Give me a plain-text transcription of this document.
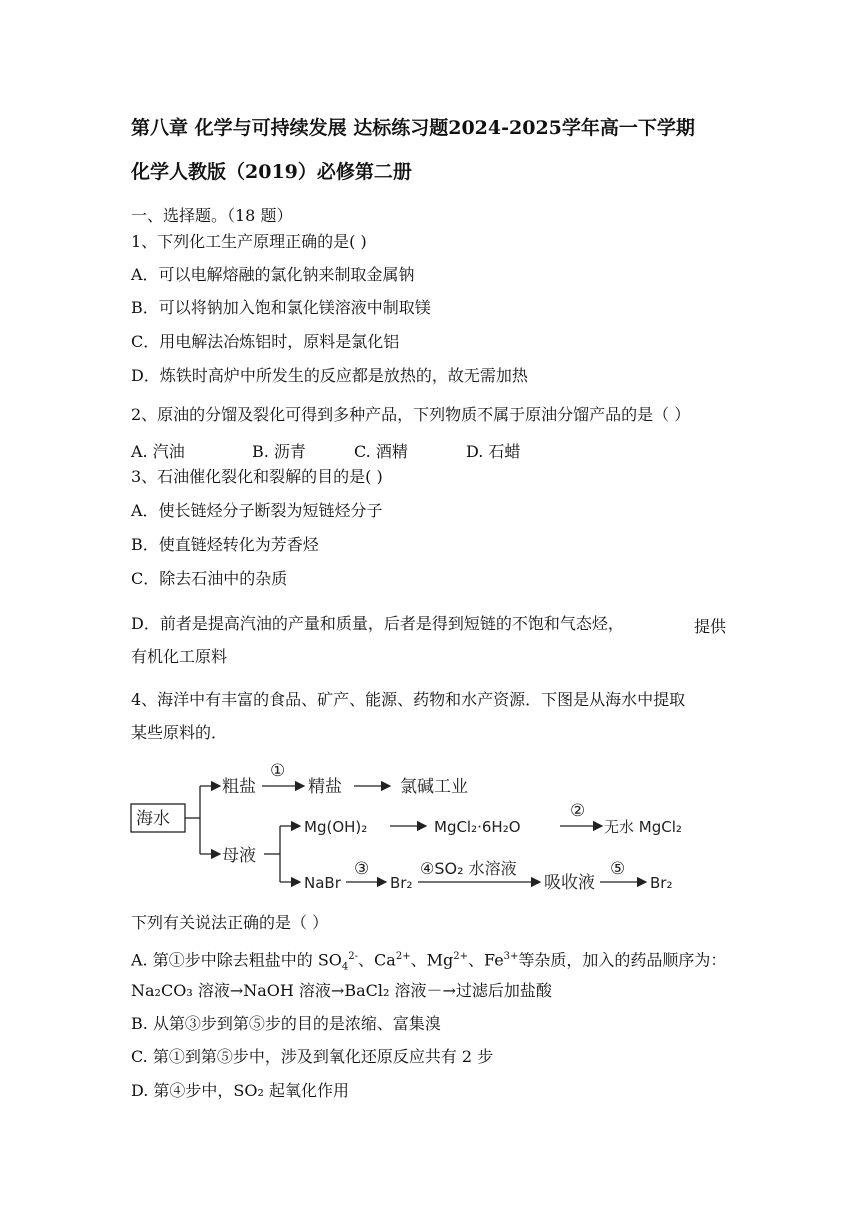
第八章 化学与可持续发展 达标练习题2024-2025学年高一下学期
化学人教版（2019）必修第二册
一、选择题。（18 题）
1、下列化工生产原理正确的是( )
A．可以电解熔融的氯化钠来制取金属钠
B．可以将钠加入饱和氯化镁溶液中制取镁
C．用电解法冶炼铝时，原料是氯化铝
D．炼铁时高炉中所发生的反应都是放热的，故无需加热
2、原油的分馏及裂化可得到多种产品，下列物质不属于原油分馏产品的是（ ）
A. 汽油	B. 沥青	C. 酒精	D. 石蜡
3、石油催化裂化和裂解的目的是( )
A．使长链烃分子断裂为短链烃分子
B．使直链烃转化为芳香烃
C．除去石油中的杂质
D．前者是提高汽油的产量和质量，后者是得到短链的不饱和气态烃，	提供
有机化工原料
4、海洋中有丰富的食品、矿产、能源、药物和水产资源．下图是从海水中提取
某些原料的．
海水
粗盐
①
精盐	氯碱工业
母液
Mg(OH)₂	MgCl₂·6H₂O
②
无水 MgCl₂
NaBr
③
Br₂
④SO₂ 水溶液
吸收液
⑤
Br₂
下列有关说法正确的是（ ）
A. 第①步中除去粗盐中的 $SO_4^{2-}$、$Ca^{2+}$、$Mg^{2+}$、$Fe^{3+}$等杂质，加入的药品顺序为：
Na₂CO₃ 溶液→NaOH 溶液→BaCl₂ 溶液－→过滤后加盐酸
B. 从第③步到第⑤步的目的是浓缩、富集溴
C. 第①到第⑤步中，涉及到氧化还原反应共有 2 步
D. 第④步中，SO₂ 起氧化作用
